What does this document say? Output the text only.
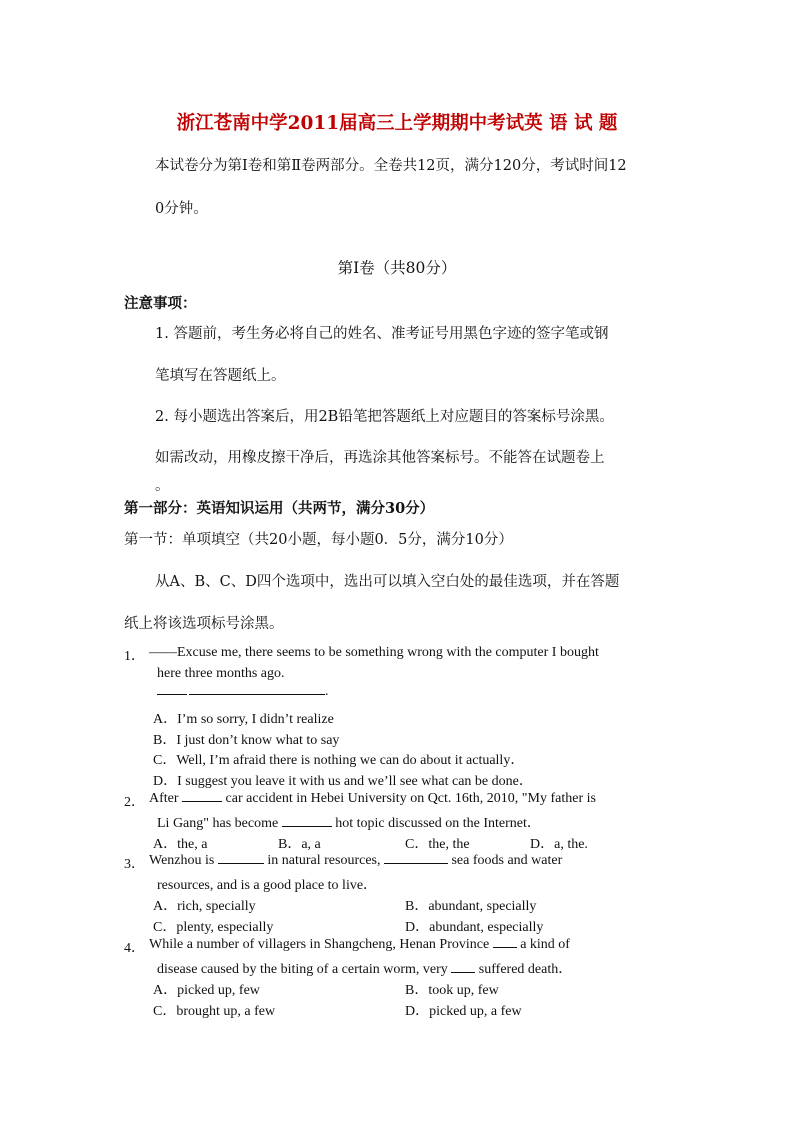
浙江苍南中学2011届高三上学期期中考试英 语 试 题
本试卷分为第Ⅰ卷和第Ⅱ卷两部分。全卷共12页，满分120分，考试时间12
0分钟。
第Ⅰ卷（共80分）
注意事项：
1. 答题前，考生务必将自己的姓名、准考证号用黑色字迹的签字笔或钢
笔填写在答题纸上。
2. 每小题选出答案后，用2B铅笔把答题纸上对应题目的答案标号涂黑。
如需改动，用橡皮擦干净后，再选涂其他答案标号。不能答在试题卷上
。
第一部分：英语知识运用（共两节，满分30分）
第一节：单项填空（共20小题，每小题0．5分，满分10分）
从A、B、C、D四个选项中，选出可以填入空白处的最佳选项，并在答题
纸上将该选项标号涂黑。
1． ——Excuse me, there seems to be something wrong with the computer I bought
here three months ago.
.
A．I’m so sorry, I didn’t realize
B．I just don’t know what to say
C．Well, I’m afraid there is nothing we can do about it actually．
D．I suggest you leave it with us and we’ll see what can be done．
2． After	car accident in Hebei University on Qct. 16th, 2010, "My father is
Li Gang" has become	hot topic discussed on the Internet．
A．the, a	B．a, a	C．the, the	D．a, the.
3． Wenzhou is	in natural resources,	sea foods and water
resources, and is a good place to live．
A．rich, specially	B．abundant, specially
C．plenty, especially	D．abundant, especially
4． While a number of villagers in Shangcheng, Henan Province a kind of
disease caused by the biting of a certain worm, very suffered death．
A．picked up, few	B．took up, few
C．brought up, a few	D．picked up, a few
